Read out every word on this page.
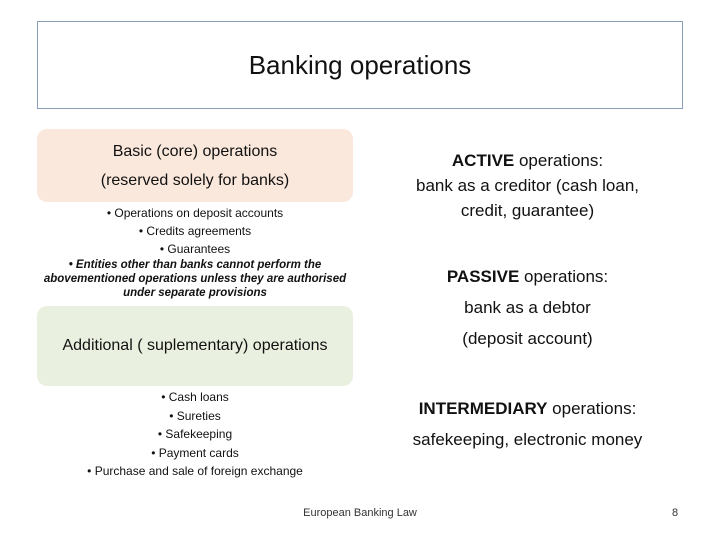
Banking operations
Basic (core) operations
(reserved solely for banks)
• Operations on deposit accounts
• Credits agreements
• Guarantees
• Entities other than banks cannot perform the abovementioned operations unless they are authorised under separate provisions
Additional ( suplementary) operations
• Cash loans
• Sureties
• Safekeeping
• Payment cards
• Purchase and sale of foreign exchange
ACTIVE operations:
bank as a creditor (cash loan,
credit, guarantee)
PASSIVE operations:
bank as a debtor
(deposit account)
INTERMEDIARY operations:
safekeeping, electronic money
European Banking Law	8
